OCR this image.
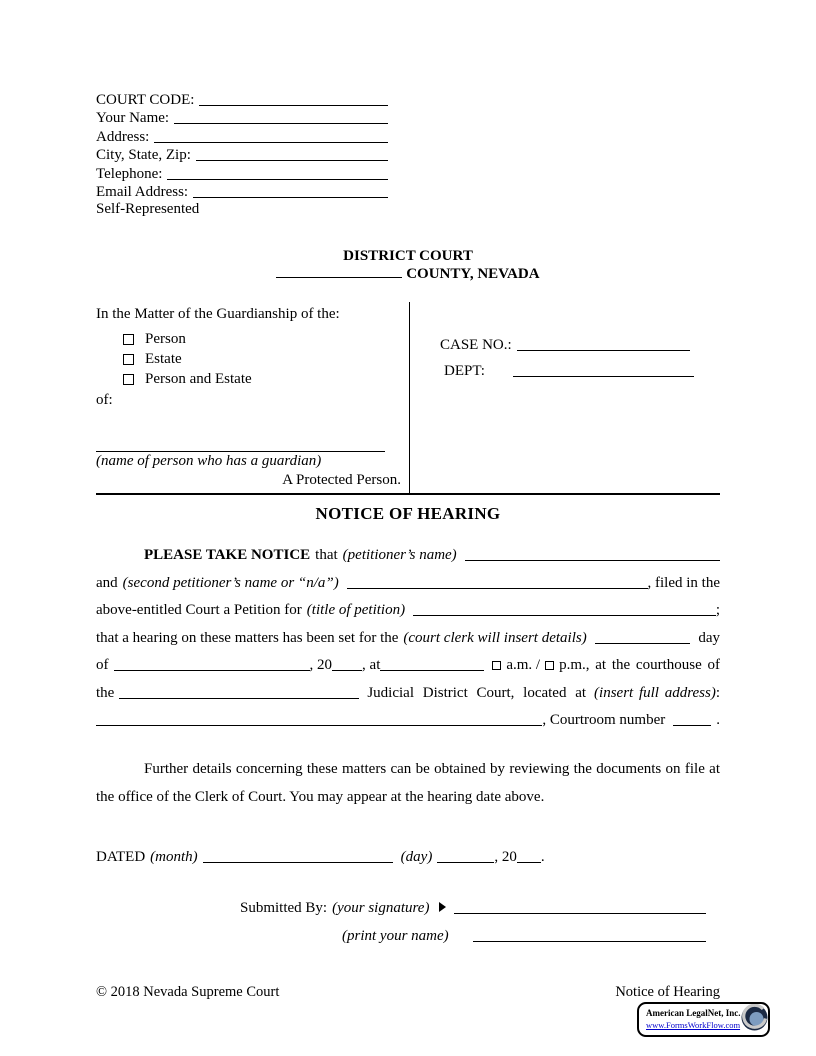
COURT CODE:
Your Name:
Address:
City, State, Zip:
Telephone:
Email Address:
Self-Represented
DISTRICT COURT
COUNTY, NEVADA
In the Matter of the Guardianship of the:
Person
Estate
Person and Estate
of:
(name of person who has a guardian)
A Protected Person.
CASE NO.:
DEPT:
NOTICE OF HEARING
PLEASE TAKE NOTICE that (petitioner’s name)
and (second petitioner’s name or “n/a”)	, filed in the
above-entitled Court a Petition for (title of petition)	;
that a hearing on these matters has been set for the (court clerk will insert details)	day
of	, 20 , at	a.m. / p.m., at the courthouse of
the	Judicial District Court, located at (insert full address) :
, Courtroom number	.

Further details concerning these matters can be obtained by reviewing the documents on file at the office of the Clerk of Court. You may appear at the hearing date above.

DATED (month)	(day)	, 20 .
Submitted By: (your signature)
(print your name)
© 2018 Nevada Supreme Court	Notice of Hearing
American LegalNet, Inc.
www.FormsWorkFlow.com
